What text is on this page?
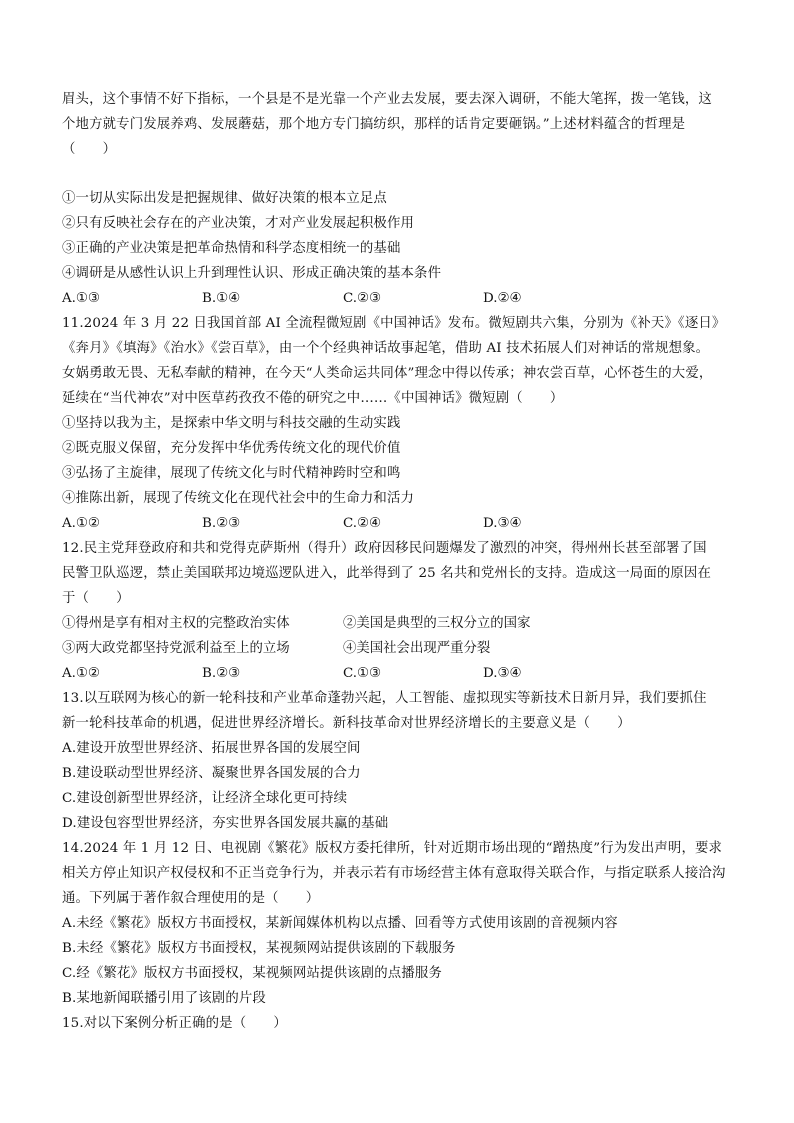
眉头，这个事情不好下指标，一个县是不是光靠一个产业去发展，要去深入调研，不能大笔挥，拨一笔钱，这
个地方就专门发展养鸡、发展蘑菇，那个地方专门搞纺织，那样的话肯定要砸锅。”上述材料蕴含的哲理是
（　　）
①一切从实际出发是把握规律、做好决策的根本立足点
②只有反映社会存在的产业决策，才对产业发展起积极作用
③正确的产业决策是把革命热情和科学态度相统一的基础
④调研是从感性认识上升到理性认识、形成正确决策的基本条件
A.①③	B.①④	C.②③	D.②④
11.2024 年 3 月 22 日我国首部 AI 全流程微短剧《中国神话》发布。微短剧共六集，分别为《补天》《逐日》
《奔月》《填海》《治水》《尝百草》，由一个个经典神话故事起笔，借助 AI 技术拓展人们对神话的常规想象。
女娲勇敢无畏、无私奉献的精神，在今天“人类命运共同体”理念中得以传承；神农尝百草，心怀苍生的大爱，
延续在“当代神农”对中医草药孜孜不倦的研究之中……《中国神话》微短剧（　　）
①坚持以我为主，是探索中华文明与科技交融的生动实践
②既克服义保留，充分发挥中华优秀传统文化的现代价值
③弘扬了主旋律，展现了传统文化与时代精神跨时空和鸣
④推陈出新，展现了传统文化在现代社会中的生命力和活力
A.①②	B.②③	C.②④	D.③④
12.民主党拜登政府和共和党得克萨斯州（得升）政府因移民问题爆发了激烈的冲突，得州州长甚至部署了国
民警卫队巡逻，禁止美国联邦边境巡逻队进入，此举得到了 25 名共和党州长的支持。造成这一局面的原因在
于（　　）
①得州是享有相对主权的完整政治实体	②美国是典型的三权分立的国家
③两大政党都坚持党派利益至上的立场	④美国社会出现严重分裂
A.①②	B.②③	C.①③	D.③④
13.以互联网为核心的新一轮科技和产业革命蓬勃兴起，人工智能、虚拟现实等新技术日新月异，我们要抓住
新一轮科技革命的机遇，促进世界经济增长。新科技革命对世界经济增长的主要意义是（　　）
A.建设开放型世界经济、拓展世界各国的发展空间
B.建设联动型世界经济、凝聚世界各国发展的合力
C.建设创新型世界经济，让经济全球化更可持续
D.建设包容型世界经济，夯实世界各国发展共赢的基础
14.2024 年 1 月 12 日、电视剧《繁花》版权方委托律所，针对近期市场出现的“蹭热度”行为发出声明，要求
相关方停止知识产权侵权和不正当竞争行为，并表示若有市场经营主体有意取得关联合作，与指定联系人接洽沟
通。下列属于著作叙合理使用的是（　　）
A.未经《繁花》版权方书面授权，某新闻媒体机构以点播、回看等方式使用该剧的音视频内容
B.未经《繁花》版权方书面授权，某视频网站提供该剧的下载服务
C.经《繁花》版权方书面授权，某视频网站提供该剧的点播服务
B.某地新闻联播引用了该剧的片段
15.对以下案例分析正确的是（　　）
